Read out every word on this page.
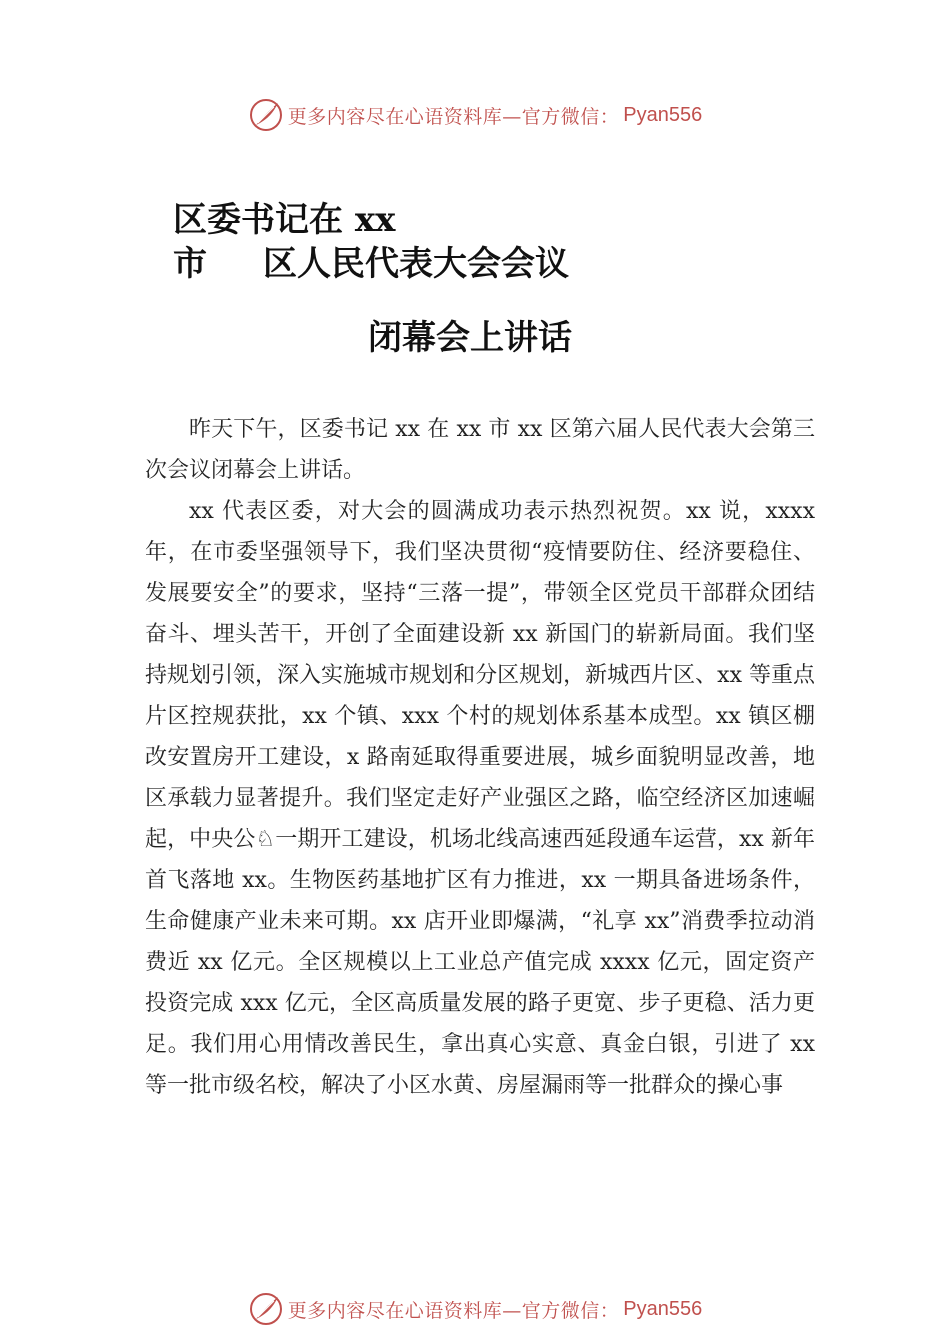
更多内容尽在心语资料库—官方微信： Pyan556
区委书记在 xx
市 区人民代表大会会议
闭幕会上讲话

昨天下午，区委书记 xx 在 xx 市 xx 区第六届人民代表大会第三次会议闭幕会上讲话。

xx 代表区委，对大会的圆满成功表示热烈祝贺。xx 说，xxxx 年，在市委坚强领导下，我们坚决贯彻“疫情要防住、经济要稳住、发展要安全”的要求，坚持“三落一提”，带领全区党员干部群众团结奋斗、埋头苦干，开创了全面建设新 xx 新国门的崭新局面。我们坚持规划引领，深入实施城市规划和分区规划，新城西片区、xx 等重点片区控规获批，xx 个镇、xxx 个村的规划体系基本成型。xx 镇区棚改安置房开工建设，x 路南延取得重要进展，城乡面貌明显改善，地区承载力显著提升。我们坚定走好产业强区之路，临空经济区加速崛起，中央公♘一期开工建设，机场北线高速西延段通车运营，xx 新年首飞落地 xx。生物医药基地扩区有力推进，xx 一期具备进场条件，生命健康产业未来可期。xx 店开业即爆满，“礼享 xx”消费季拉动消费近 xx 亿元。全区规模以上工业总产值完成 xxxx 亿元，固定资产投资完成 xxx 亿元，全区高质量发展的路子更宽、步子更稳、活力更足。我们用心用情改善民生，拿出真心实意、真金白银，引进了 xx 等一批市级名校，解决了小区水黄、房屋漏雨等一批群众的操心事

更多内容尽在心语资料库—官方微信： Pyan556
